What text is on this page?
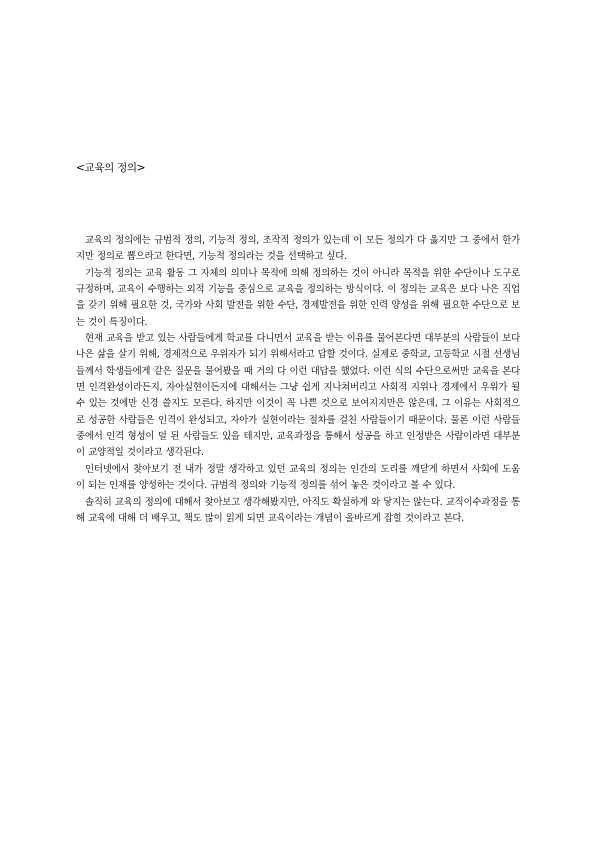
<교육의 정의>

교육의 정의에는 규범적 정의, 기능적 정의, 조작적 정의가 있는데 이 모든 정의가 다 옳지만 그 중에서 한가지만 정의로 뽑으라고 한다면, 기능적 정의라는 것을 선택하고 싶다.

기능적 정의는 교육 활동 그 자체의 의미나 목적에 의해 정의하는 것이 아니라 목적을 위한 수단이나 도구로 규정하며, 교육이 수행하는 외적 기능을 중심으로 교육을 정의하는 방식이다. 이 정의는 교육은 보다 나은 직업을 갖기 위해 필요한 것, 국가와 사회 발전을 위한 수단, 경제발전을 위한 인력 양성을 위해 필요한 수단으로 보는 것이 특징이다.

현재 교육을 받고 있는 사람들에게 학교를 다니면서 교육을 받는 이유를 물어본다면 대부분의 사람들이 보다 나은 삶을 살기 위해, 경제적으로 우위자가 되기 위해서라고 답할 것이다. 실제로 중학교, 고등학교 시절 선생님들께서 학생들에게 같은 질문을 물어봤을 때 거의 다 이런 대답을 했었다. 이런 식의 수단으로써만 교육을 본다면 인격완성이라든지, 자아실현이든지에 대해서는 그냥 쉽게 지나쳐버리고 사회적 지위나 경제에서 우위가 될 수 있는 것에만 신경 쓸지도 모른다. 하지만 이것이 꼭 나쁜 것으로 보여지지만은 않은데, 그 이유는 사회적으로 성공한 사람들은 인격이 완성되고, 자아가 실현이라는 절차를 걸친 사람들이기 때문이다. 물론 이런 사람들 중에서 인격 형성이 덜 된 사람들도 있을 테지만, 교육과정을 통해서 성공을 하고 인정받은 사람이라면 대부분이 교양적일 것이라고 생각된다.

인터넷에서 찾아보기 전 내가 정말 생각하고 있던 교육의 정의는 인간의 도리를 깨닫게 하면서 사회에 도움이 되는 인재를 양성하는 것이다. 규범적 정의와 기능적 정의를 섞어 놓은 것이라고 볼 수 있다.

솔직히 교육의 정의에 대해서 찾아보고 생각해봤지만, 아직도 확실하게 와 닿지는 않는다. 교직이수과정을 통해 교육에 대해 더 배우고, 책도 많이 읽게 되면 교육이라는 개념이 올바르게 잡힐 것이라고 본다.
